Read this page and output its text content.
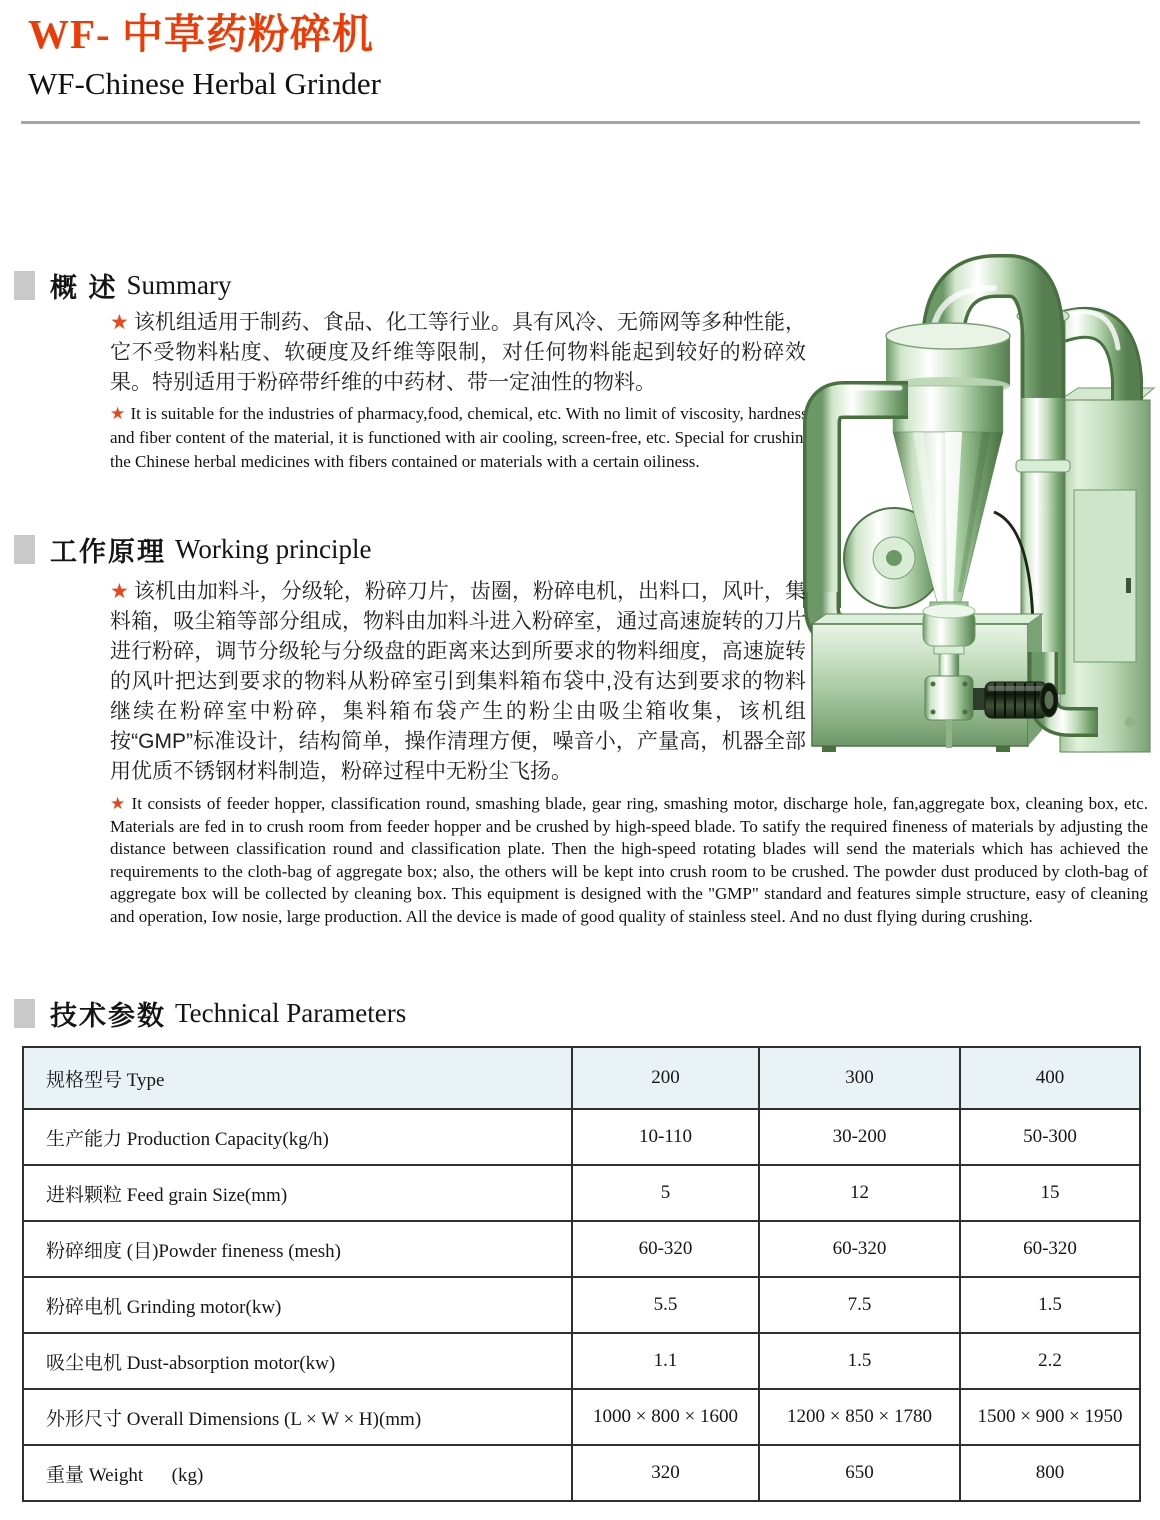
WF- 中草药粉碎机
WF-Chinese Herbal Grinder
概 述 Summary

★ 该机组适用于制药、食品、化工等行业。具有风冷、无筛网等多种性能，它不受物料粘度、软硬度及纤维等限制，对任何物料能起到较好的粉碎效果。特别适用于粉碎带纤维的中药材、带一定油性的物料。

★ It is suitable for the industries of pharmacy,food, chemical, etc. With no limit of viscosity, hardness, and fiber content of the material, it is functioned with air cooling, screen-free, etc. Special for crushing the Chinese herbal medicines with fibers contained or materials with a certain oiliness.

工作原理 Working principle

★ 该机由加料斗，分级轮，粉碎刀片，齿圈，粉碎电机，出料口，风叶，集料箱，吸尘箱等部分组成，物料由加料斗进入粉碎室，通过高速旋转的刀片进行粉碎，调节分级轮与分级盘的距离来达到所要求的物料细度，高速旋转的风叶把达到要求的物料从粉碎室引到集料箱布袋中,没有达到要求的物料继续在粉碎室中粉碎，集料箱布袋产生的粉尘由吸尘箱收集，该机组按“GMP”标准设计，结构简单，操作清理方便，噪音小，产量高，机器全部用优质不锈钢材料制造，粉碎过程中无粉尘飞扬。

★ It consists of feeder hopper, classification round, smashing blade, gear ring, smashing motor, discharge hole, fan,aggregate box, cleaning box, etc. Materials are fed in to crush room from feeder hopper and be crushed by high-speed blade. To satify the required fineness of materials by adjusting the distance between classification round and classification plate. Then the high-speed rotating blades will send the materials which has achieved the requirements to the cloth-bag of aggregate box; also, the others will be kept into crush room to be crushed. The powder dust produced by cloth-bag of aggregate box will be collected by cleaning box. This equipment is designed with the "GMP" standard and features simple structure, easy of cleaning and operation, Iow nosie, large production. All the device is made of good quality of stainless steel. And no dust flying during crushing.

技术参数 Technical Parameters
规格型号 Type	200	300	400
生产能力 Production Capacity(kg/h)	10-110	30-200	50-300
进料颗粒 Feed grain Size(mm)	5	12	15
粉碎细度 (目)Powder fineness (mesh)	60-320	60-320	60-320
粉碎电机 Grinding motor(kw)	5.5	7.5	1.5
吸尘电机 Dust-absorption motor(kw)	1.1	1.5	2.2
外形尺寸 Overall Dimensions (L × W × H)(mm)	1000 × 800 × 1600	1200 × 850 × 1780	1500 × 900 × 1950
重量 Weight      (kg)	320	650	800
